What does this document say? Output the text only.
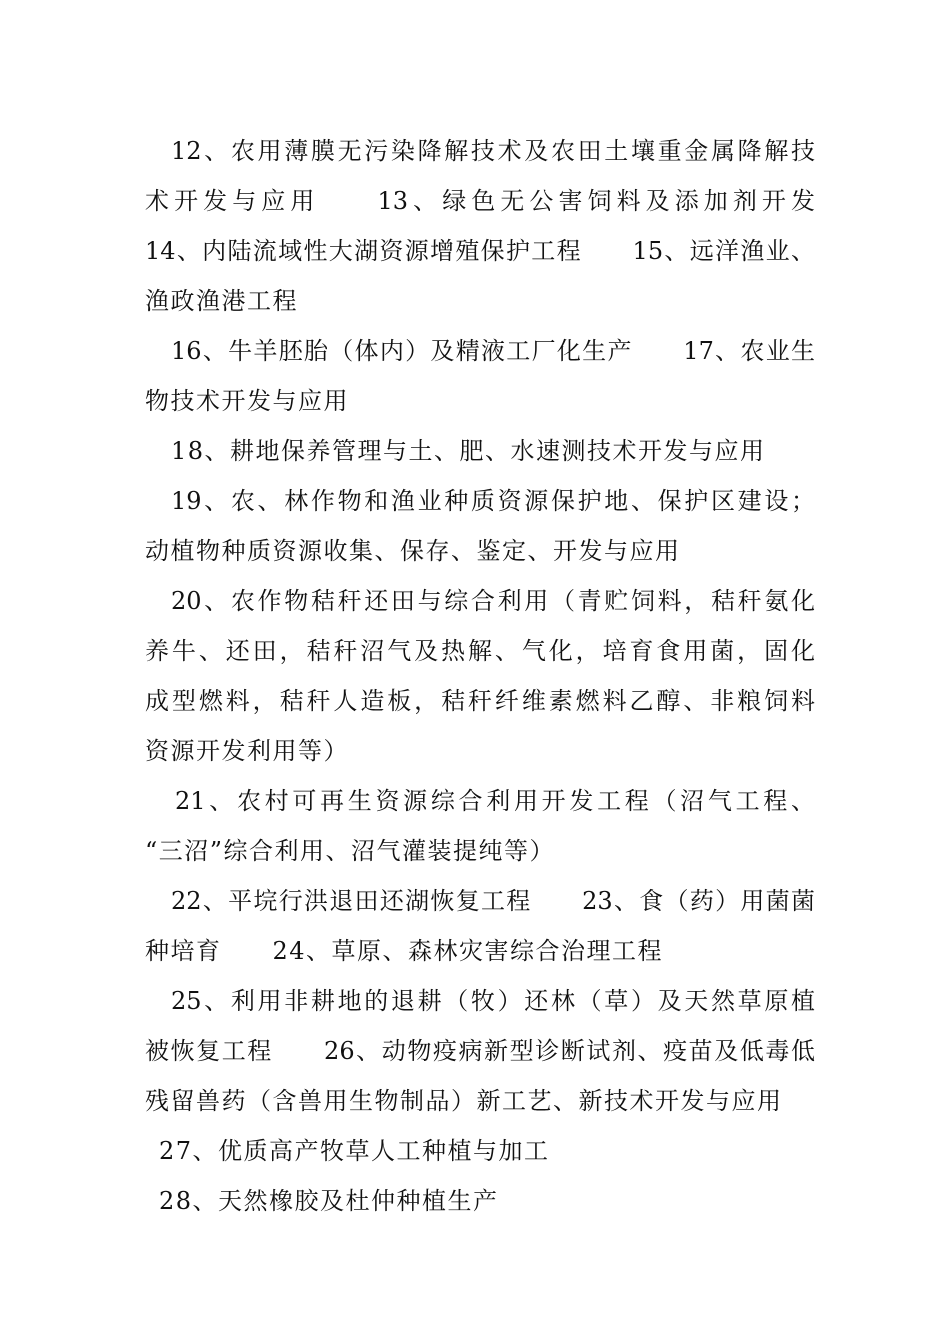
12、农用薄膜无污染降解技术及农田土壤重金属降解技
术开发与应用　　13、绿色无公害饲料及添加剂开发
14、内陆流域性大湖资源增殖保护工程　　15、远洋渔业、
渔政渔港工程
16、牛羊胚胎（体内）及精液工厂化生产　　17、农业生
物技术开发与应用
18、耕地保养管理与土、肥、水速测技术开发与应用
19、农、林作物和渔业种质资源保护地、保护区建设；
动植物种质资源收集、保存、鉴定、开发与应用
20、农作物秸秆还田与综合利用（青贮饲料，秸秆氨化
养牛、还田，秸秆沼气及热解、气化，培育食用菌，固化
成型燃料，秸秆人造板，秸秆纤维素燃料乙醇、非粮饲料
资源开发利用等）
21、农村可再生资源综合利用开发工程（沼气工程、
“三沼”综合利用、沼气灌装提纯等）
22、平垸行洪退田还湖恢复工程　　23、食（药）用菌菌
种培育　　24、草原、森林灾害综合治理工程
25、利用非耕地的退耕（牧）还林（草）及天然草原植
被恢复工程　　26、动物疫病新型诊断试剂、疫苗及低毒低
残留兽药（含兽用生物制品）新工艺、新技术开发与应用
27、优质高产牧草人工种植与加工
28、天然橡胶及杜仲种植生产
